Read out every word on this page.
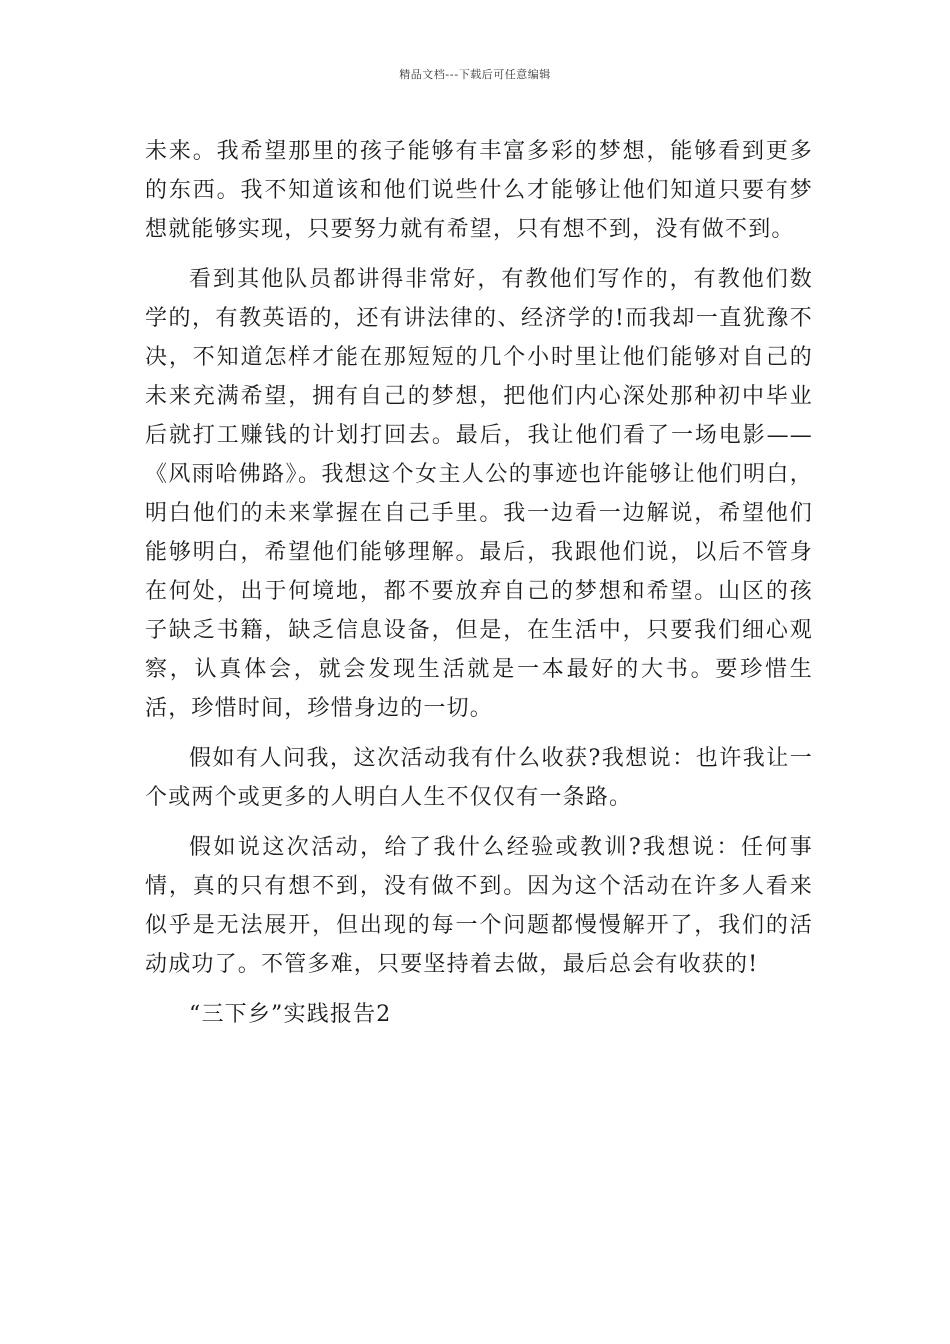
精品文档---下载后可任意编辑

未来。我希望那里的孩子能够有丰富多彩的梦想，能够看到更多的东西。我不知道该和他们说些什么才能够让他们知道只要有梦想就能够实现，只要努力就有希望，只有想不到，没有做不到。

看到其他队员都讲得非常好，有教他们写作的，有教他们数学的，有教英语的，还有讲法律的、经济学的!而我却一直犹豫不决，不知道怎样才能在那短短的几个小时里让他们能够对自己的未来充满希望，拥有自己的梦想，把他们内心深处那种初中毕业后就打工赚钱的计划打回去。最后，我让他们看了一场电影——《风雨哈佛路》。我想这个女主人公的事迹也许能够让他们明白，明白他们的未来掌握在自己手里。我一边看一边解说，希望他们能够明白，希望他们能够理解。最后，我跟他们说，以后不管身在何处，出于何境地，都不要放弃自己的梦想和希望。山区的孩子缺乏书籍，缺乏信息设备，但是，在生活中，只要我们细心观察，认真体会，就会发现生活就是一本最好的大书。要珍惜生活，珍惜时间，珍惜身边的一切。

假如有人问我，这次活动我有什么收获?我想说：也许我让一个或两个或更多的人明白人生不仅仅有一条路。

假如说这次活动，给了我什么经验或教训?我想说：任何事情，真的只有想不到，没有做不到。因为这个活动在许多人看来似乎是无法展开，但出现的每一个问题都慢慢解开了，我们的活动成功了。不管多难，只要坚持着去做，最后总会有收获的!

“三下乡”实践报告2
